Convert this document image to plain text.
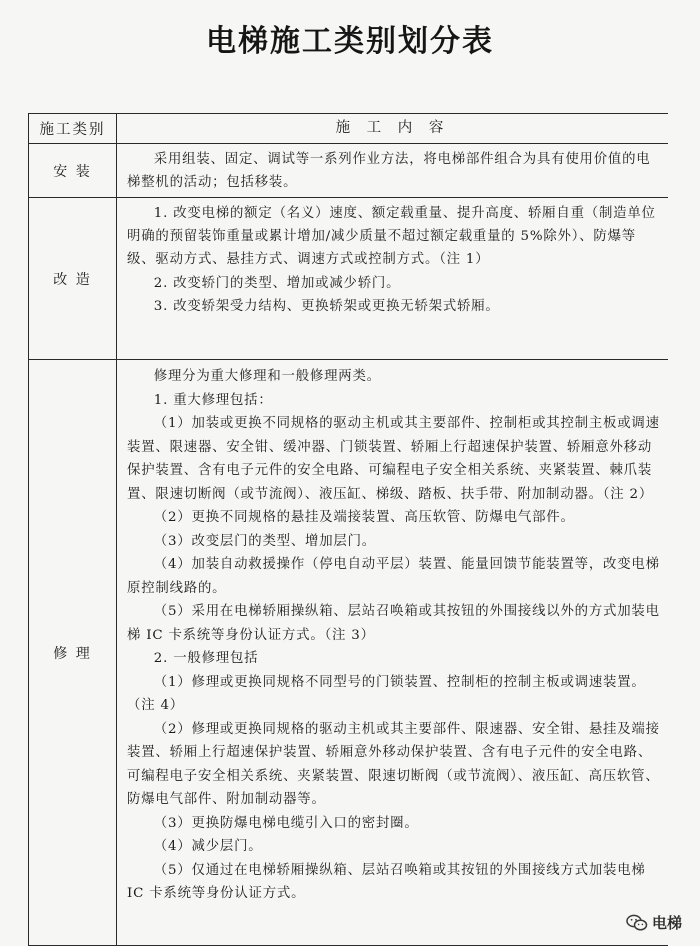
电梯施工类别划分表
施工类别	施 工 内 容
安 装

采用组装、固定、调试等一系列作业方法，将电梯部件组合为具有使用价值的电梯整机的活动；包括移装。

改 造

1. 改变电梯的额定（名义）速度、额定载重量、提升高度、轿厢自重（制造单位明确的预留装饰重量或累计增加/减少质量不超过额定载重量的 5%除外）、防爆等级、驱动方式、悬挂方式、调速方式或控制方式。（注 1）

2. 改变轿门的类型、增加或减少轿门。

3. 改变轿架受力结构、更换轿架或更换无轿架式轿厢。

修 理

修理分为重大修理和一般修理两类。

1. 重大修理包括：

（1）加装或更换不同规格的驱动主机或其主要部件、控制柜或其控制主板或调速装置、限速器、安全钳、缓冲器、门锁装置、轿厢上行超速保护装置、轿厢意外移动保护装置、含有电子元件的安全电路、可编程电子安全相关系统、夹紧装置、棘爪装置、限速切断阀（或节流阀）、液压缸、梯级、踏板、扶手带、附加制动器。（注 2）

（2）更换不同规格的悬挂及端接装置、高压软管、防爆电气部件。

（3）改变层门的类型、增加层门。

（4）加装自动救援操作（停电自动平层）装置、能量回馈节能装置等，改变电梯原控制线路的。

（5）采用在电梯轿厢操纵箱、层站召唤箱或其按钮的外围接线以外的方式加装电梯 IC 卡系统等身份认证方式。（注 3）

2. 一般修理包括

（1）修理或更换同规格不同型号的门锁装置、控制柜的控制主板或调速装置。（注 4）

（2）修理或更换同规格的驱动主机或其主要部件、限速器、安全钳、悬挂及端接装置、轿厢上行超速保护装置、轿厢意外移动保护装置、含有电子元件的安全电路、可编程电子安全相关系统、夹紧装置、限速切断阀（或节流阀）、液压缸、高压软管、防爆电气部件、附加制动器等。

（3）更换防爆电梯电缆引入口的密封圈。

（4）减少层门。

（5）仅通过在电梯轿厢操纵箱、层站召唤箱或其按钮的外围接线方式加装电梯 IC 卡系统等身份认证方式。

电梯
